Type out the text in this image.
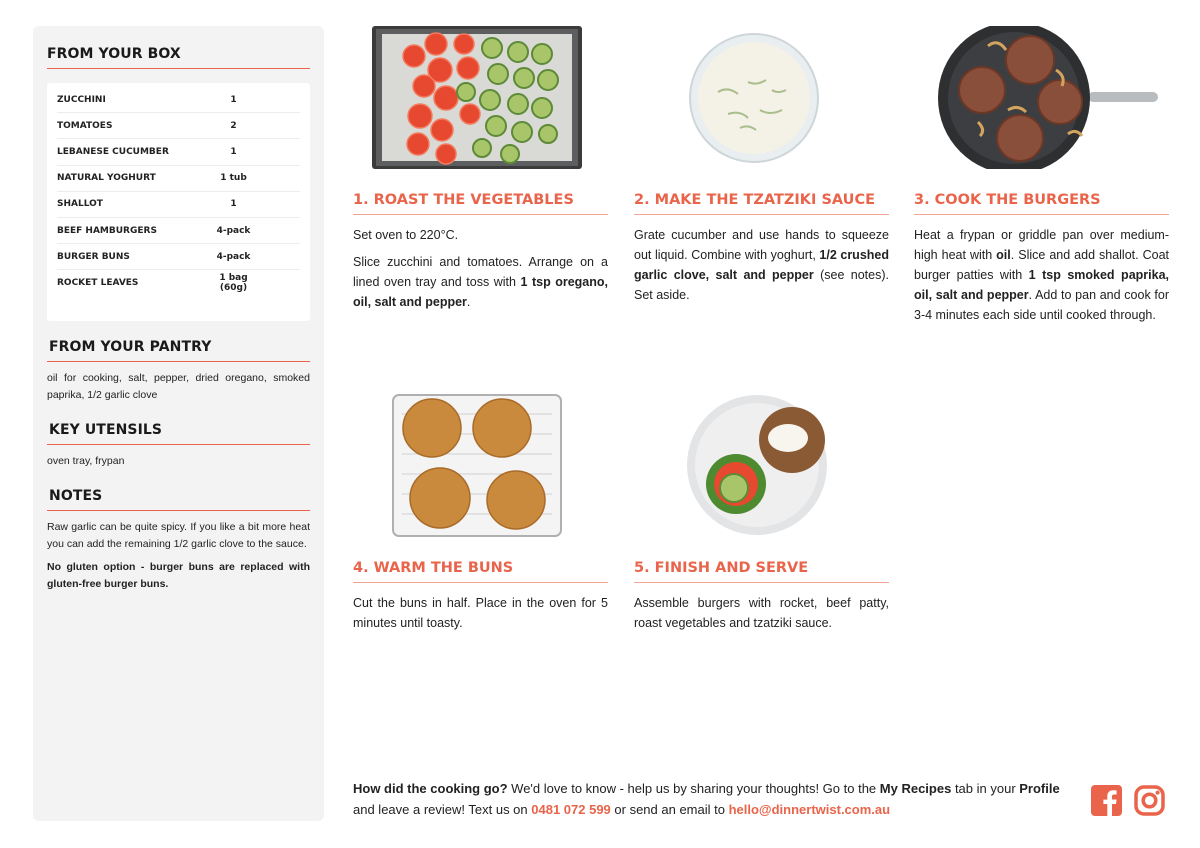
FROM YOUR BOX
ZUCCHINI	1
TOMATOES	2
LEBANESE CUCUMBER	1
NATURAL YOGHURT	1 tub
SHALLOT	1
BEEF HAMBURGERS	4-pack
BURGER BUNS	4-pack
ROCKET LEAVES	1 bag (60g)
FROM YOUR PANTRY
oil for cooking, salt, pepper, dried oregano, smoked paprika, 1/2 garlic clove
KEY UTENSILS
oven tray, frypan
NOTES
Raw garlic can be quite spicy. If you like a bit more heat you can add the remaining 1/2 garlic clove to the sauce.
No gluten option - burger buns are replaced with gluten-free burger buns.
1. ROAST THE VEGETABLES

Set oven to 220°C.

Slice zucchini and tomatoes. Arrange on a lined oven tray and toss with 1 tsp oregano, oil, salt and pepper.

2. MAKE THE TZATZIKI SAUCE

Grate cucumber and use hands to squeeze out liquid. Combine with yoghurt, 1/2 crushed garlic clove, salt and pepper (see notes). Set aside.

3. COOK THE BURGERS

Heat a frypan or griddle pan over medium-high heat with oil. Slice and add shallot. Coat burger patties with 1 tsp smoked paprika, oil, salt and pepper. Add to pan and cook for 3-4 minutes each side until cooked through.

4. WARM THE BUNS

Cut the buns in half. Place in the oven for 5 minutes until toasty.

5. FINISH AND SERVE

Assemble burgers with rocket, beef patty, roast vegetables and tzatziki sauce.

How did the cooking go? We'd love to know - help us by sharing your thoughts! Go to the My Recipes tab in your Profile and leave a review! Text us on 0481 072 599 or send an email to hello@dinnertwist.com.au
